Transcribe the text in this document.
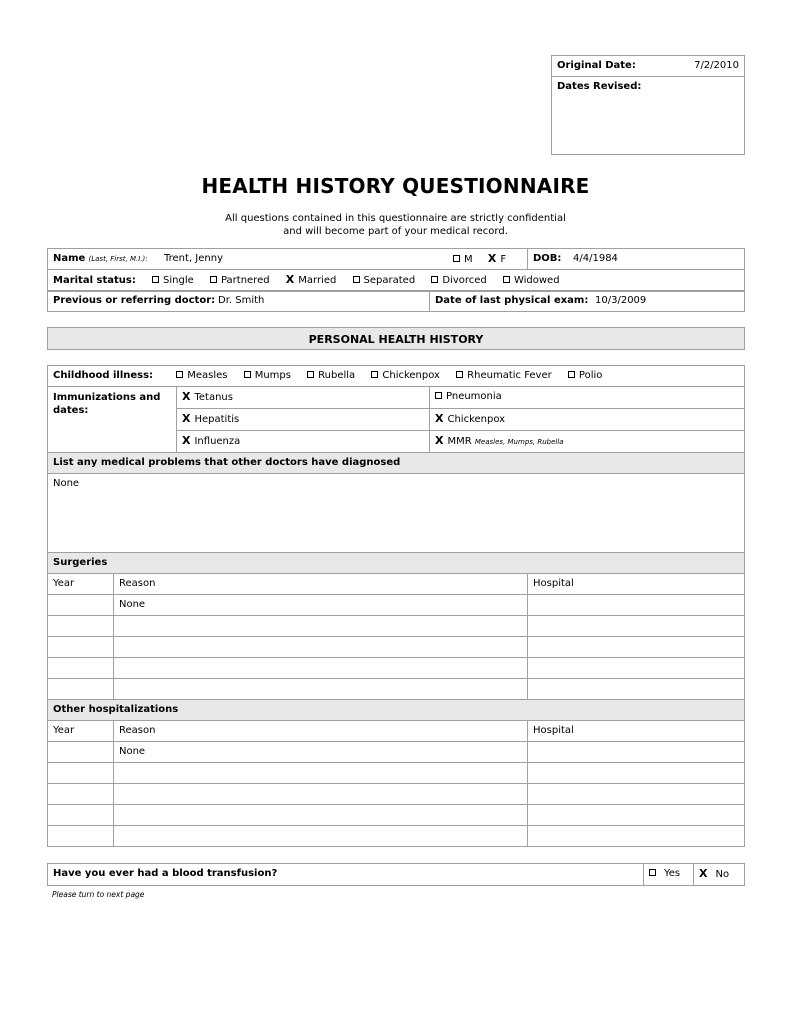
Original Date:	7/2/2010

Dates Revised:
HEALTH HISTORY QUESTIONNAIRE
All questions contained in this questionnaire are strictly confidential
and will become part of your medical record.
Name (Last, First, M.I.): Trent, Jenny	M X F	DOB: 4/4/1984

Marital status:	Single	Partnered X Married	Separated	Divorced	Widowed
Previous or referring doctor: Dr. Smith	Date of last physical exam: 10/3/2009
PERSONAL HEALTH HISTORY
Childhood illness: Measles Mumps Rubella Chickenpox Rheumatic Fever Polio		

Immunizations and
dates:	X Tetanus	Pneumonia
	X Hepatitis	X Chickenpox
	X Influenza	X MMR Measles, Mumps, Rubella
List any medical problems that other doctors have diagnosed		
None		
Surgeries		
Year	Reason	Hospital
	None	

Other hospitalizations		
Year	Reason	Hospital
	None	

Have you ever had a blood transfusion?	Yes	X No
Please turn to next page
